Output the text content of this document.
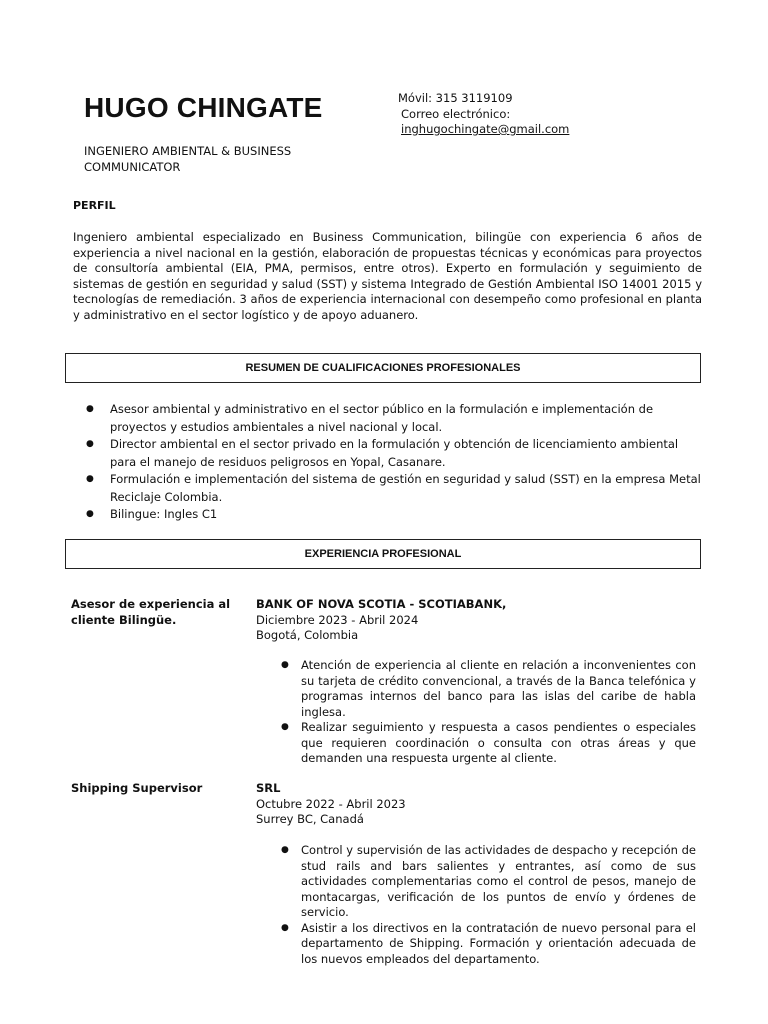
HUGO CHINGATE
INGENIERO AMBIENTAL & BUSINESS COMMUNICATOR
Móvil: 315 3119109
Correo electrónico:
inghugochingate@gmail.com
PERFIL

Ingeniero ambiental especializado en Business Communication, bilingüe con experiencia 6 años de experiencia a nivel nacional en la gestión, elaboración de propuestas técnicas y económicas para proyectos de consultoría ambiental (EIA, PMA, permisos, entre otros). Experto en formulación y seguimiento de sistemas de gestión en seguridad y salud (SST) y sistema Integrado de Gestión Ambiental ISO 14001 2015 y tecnologías de remediación. 3 años de experiencia internacional con desempeño como profesional en planta y administrativo en el sector logístico y de apoyo aduanero.

RESUMEN DE CUALIFICACIONES PROFESIONALES
● Asesor ambiental y administrativo en el sector público en la formulación e implementación de proyectos y estudios ambientales a nivel nacional y local.
● Director ambiental en el sector privado en la formulación y obtención de licenciamiento ambiental para el manejo de residuos peligrosos en Yopal, Casanare.
● Formulación e implementación del sistema de gestión en seguridad y salud (SST) en la empresa Metal Reciclaje Colombia.
● Bilingue: Ingles C1
EXPERIENCIA PROFESIONAL
Asesor de experiencia al cliente Bilingüe.
BANK OF NOVA SCOTIA - SCOTIABANK,
Diciembre 2023 - Abril 2024
Bogotá, Colombia
● Atención de experiencia al cliente en relación a inconvenientes con su tarjeta de crédito convencional, a través de la Banca telefónica y programas internos del banco para las islas del caribe de habla inglesa.
● Realizar seguimiento y respuesta a casos pendientes o especiales que requieren coordinación o consulta con otras áreas y que demanden una respuesta urgente al cliente.
Shipping Supervisor	SRL
Octubre 2022 - Abril 2023
Surrey BC, Canadá
● Control y supervisión de las actividades de despacho y recepción de stud rails and bars salientes y entrantes, así como de sus actividades complementarias como el control de pesos, manejo de montacargas, verificación de los puntos de envío y órdenes de servicio.
● Asistir a los directivos en la contratación de nuevo personal para el departamento de Shipping. Formación y orientación adecuada de los nuevos empleados del departamento.
